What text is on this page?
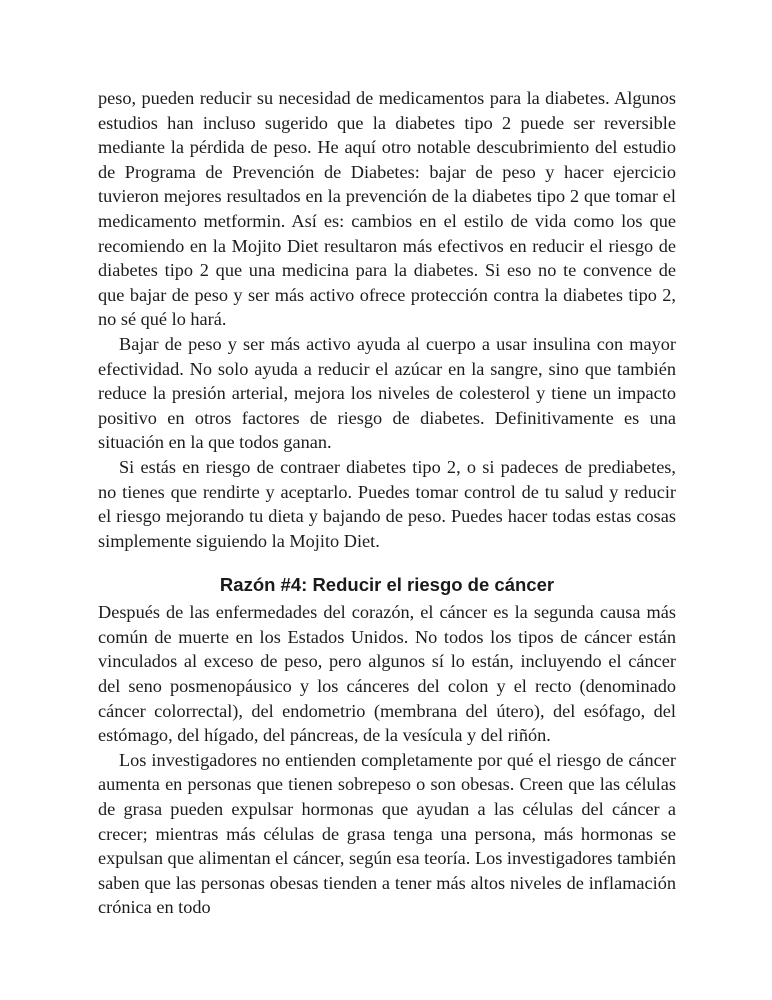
peso, pueden reducir su necesidad de medicamentos para la diabetes. Algunos estudios han incluso sugerido que la diabetes tipo 2 puede ser reversible mediante la pérdida de peso. He aquí otro notable descubrimiento del estudio de Programa de Prevención de Diabetes: bajar de peso y hacer ejercicio tuvieron mejores resultados en la prevención de la diabetes tipo 2 que tomar el medicamento metformin. Así es: cambios en el estilo de vida como los que recomiendo en la Mojito Diet resultaron más efectivos en reducir el riesgo de diabetes tipo 2 que una medicina para la diabetes. Si eso no te convence de que bajar de peso y ser más activo ofrece protección contra la diabetes tipo 2, no sé qué lo hará.

Bajar de peso y ser más activo ayuda al cuerpo a usar insulina con mayor efectividad. No solo ayuda a reducir el azúcar en la sangre, sino que también reduce la presión arterial, mejora los niveles de colesterol y tiene un impacto positivo en otros factores de riesgo de diabetes. Definitivamente es una situación en la que todos ganan.

Si estás en riesgo de contraer diabetes tipo 2, o si padeces de prediabetes, no tienes que rendirte y aceptarlo. Puedes tomar control de tu salud y reducir el riesgo mejorando tu dieta y bajando de peso. Puedes hacer todas estas cosas simplemente siguiendo la Mojito Diet.

Razón #4: Reducir el riesgo de cáncer

Después de las enfermedades del corazón, el cáncer es la segunda causa más común de muerte en los Estados Unidos. No todos los tipos de cáncer están vinculados al exceso de peso, pero algunos sí lo están, incluyendo el cáncer del seno posmenopáusico y los cánceres del colon y el recto (denominado cáncer colorrectal), del endometrio (membrana del útero), del esófago, del estómago, del hígado, del páncreas, de la vesícula y del riñón.

Los investigadores no entienden completamente por qué el riesgo de cáncer aumenta en personas que tienen sobrepeso o son obesas. Creen que las células de grasa pueden expulsar hormonas que ayudan a las células del cáncer a crecer; mientras más células de grasa tenga una persona, más hormonas se expulsan que alimentan el cáncer, según esa teoría. Los investigadores también saben que las personas obesas tienden a tener más altos niveles de inflamación crónica en todo
